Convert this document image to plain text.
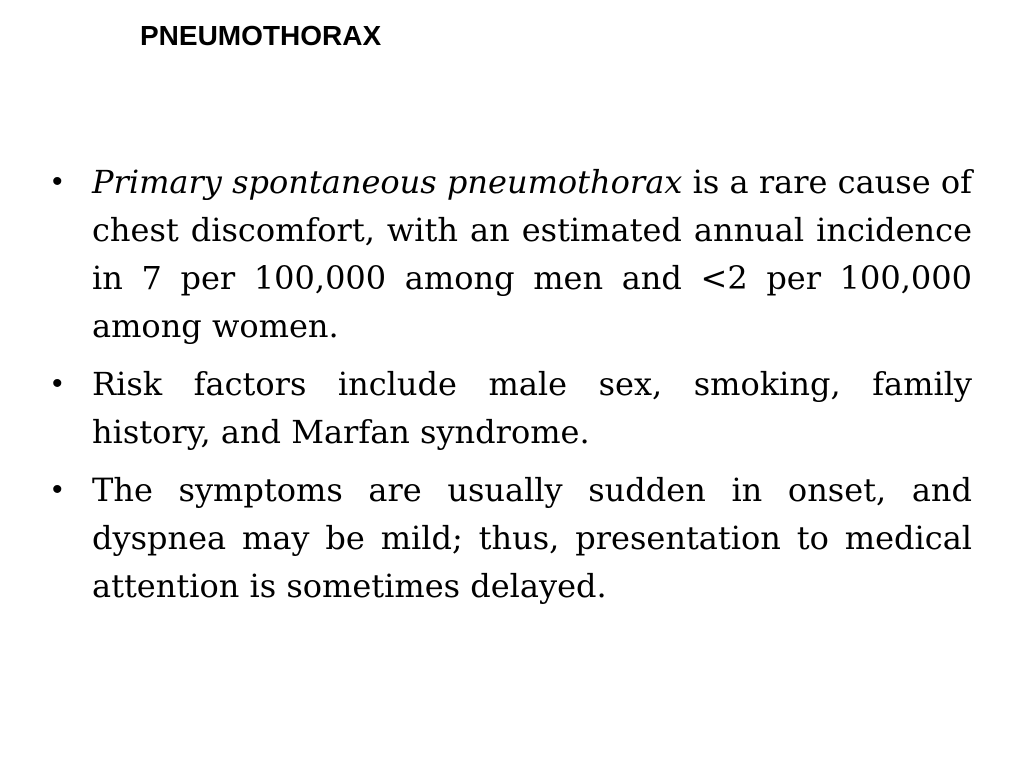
PNEUMOTHORAX
• Primary spontaneous pneumothorax is a rare cause of chest discomfort, with an estimated annual incidence in 7 per 100,000 among men and <2 per 100,000 among women.
• Risk factors include male sex, smoking, family history, and Marfan syndrome.
• The symptoms are usually sudden in onset, and dyspnea may be mild; thus, presentation to medical attention is sometimes delayed.
